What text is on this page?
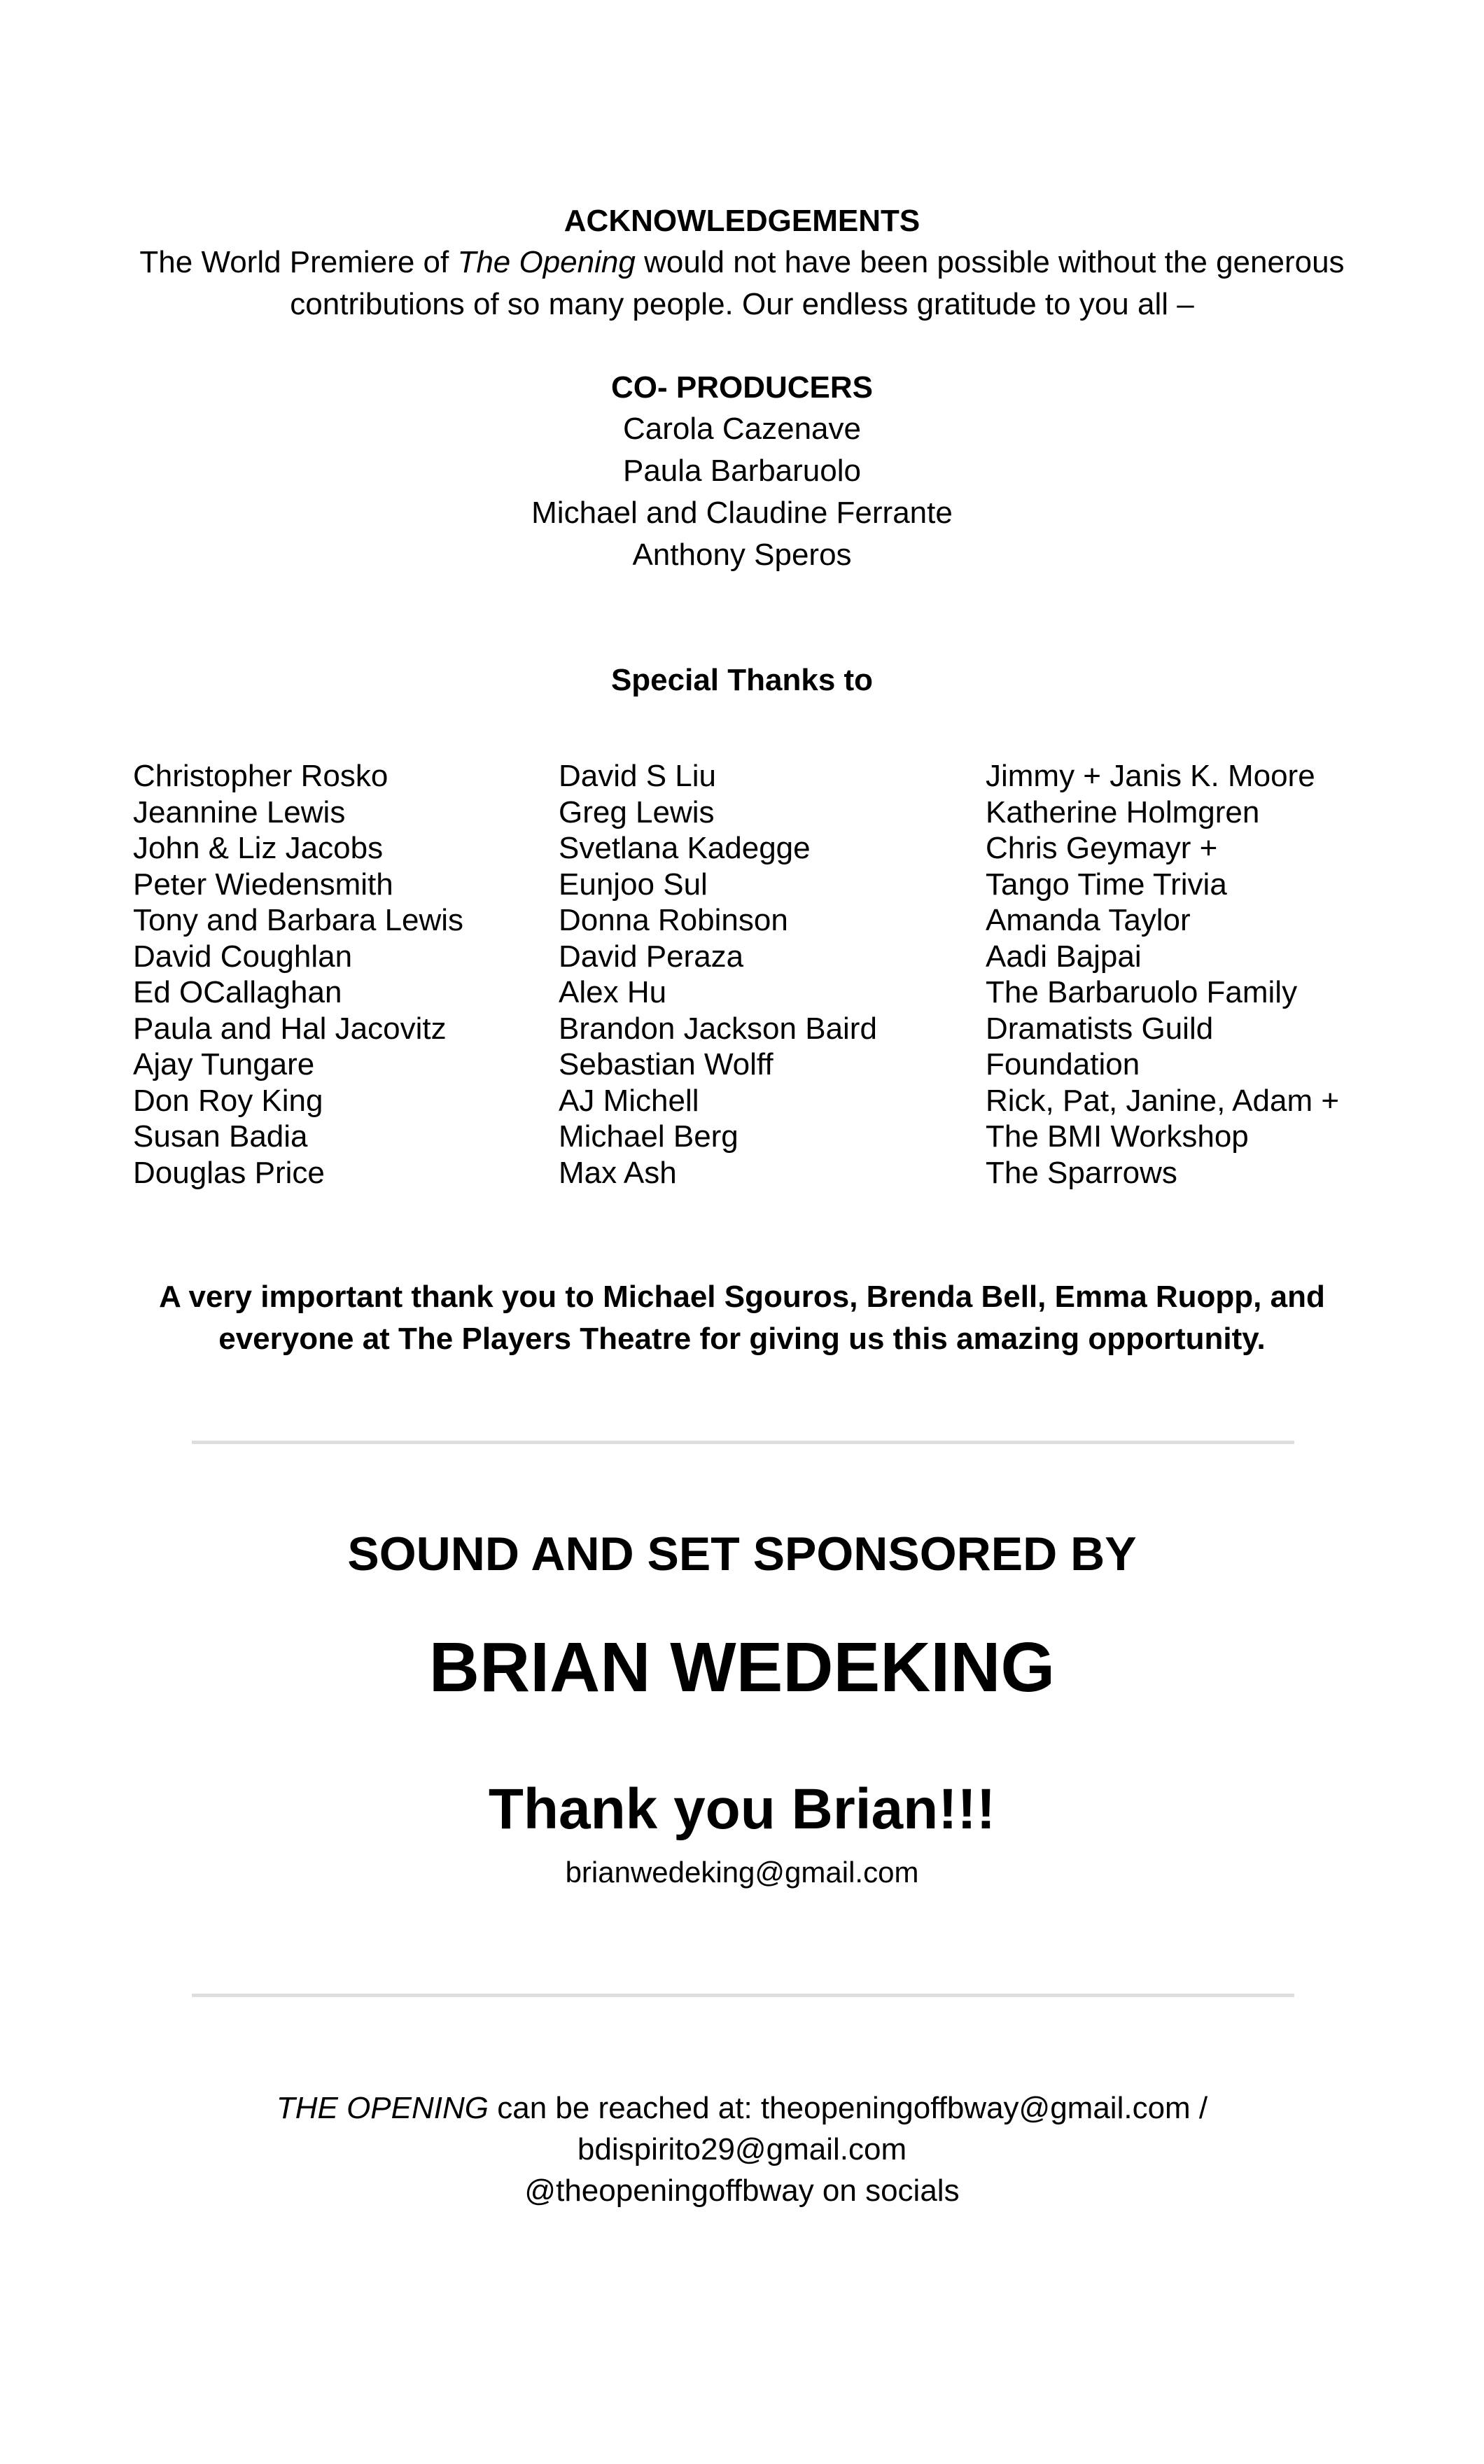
ACKNOWLEDGEMENTS
The World Premiere of The Opening would not have been possible without the generous
contributions of so many people. Our endless gratitude to you all –
CO- PRODUCERS
Carola Cazenave
Paula Barbaruolo
Michael and Claudine Ferrante
Anthony Speros
Special Thanks to
Christopher Rosko
Jeannine Lewis
John & Liz Jacobs
Peter Wiedensmith
Tony and Barbara Lewis
David Coughlan
Ed OCallaghan
Paula and Hal Jacovitz
Ajay Tungare
Don Roy King
Susan Badia
Douglas Price
David S Liu
Greg Lewis
Svetlana Kadegge
Eunjoo Sul
Donna Robinson
David Peraza
Alex Hu
Brandon Jackson Baird
Sebastian Wolff
AJ Michell
Michael Berg
Max Ash
Jimmy + Janis K. Moore
Katherine Holmgren
Chris Geymayr +
Tango Time Trivia
Amanda Taylor
Aadi Bajpai
The Barbaruolo Family
Dramatists Guild
Foundation
Rick, Pat, Janine, Adam +
The BMI Workshop
The Sparrows
A very important thank you to Michael Sgouros, Brenda Bell, Emma Ruopp, and
everyone at The Players Theatre for giving us this amazing opportunity.
SOUND AND SET SPONSORED BY
BRIAN WEDEKING
Thank you Brian!!!
brianwedeking@gmail.com
THE OPENING can be reached at: theopeningoffbway@gmail.com /
bdispirito29@gmail.com
@theopeningoffbway on socials
